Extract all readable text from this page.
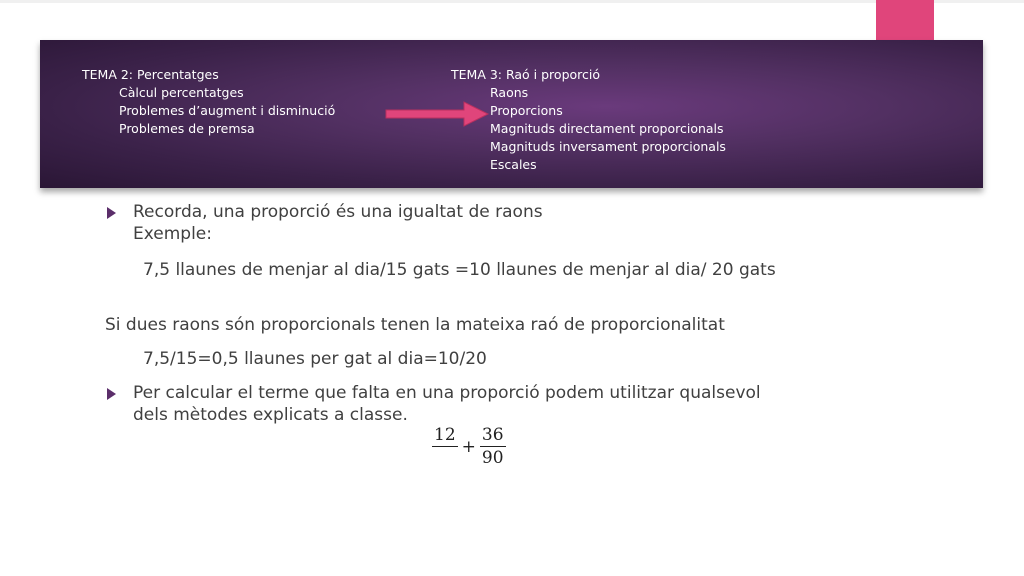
TEMA 2: Percentatges
Càlcul percentatges
Problemes d’augment i disminució
Problemes de premsa
TEMA 3: Raó i proporció
Raons
Proporcions
Magnituds directament proporcionals
Magnituds inversament proporcionals
Escales
Recorda, una proporció és una igualtat de raons
Exemple:
7,5 llaunes de menjar al dia/15 gats =10 llaunes de menjar al dia/ 20 gats
Si dues raons són proporcionals tenen la mateixa raó de proporcionalitat
7,5/15=0,5 llaunes per gat al dia=10/20
Per calcular el terme que falta en una proporció podem utilitzar qualsevol
dels mètodes explicats a classe.
12
+ $\frac{36}{90}$
